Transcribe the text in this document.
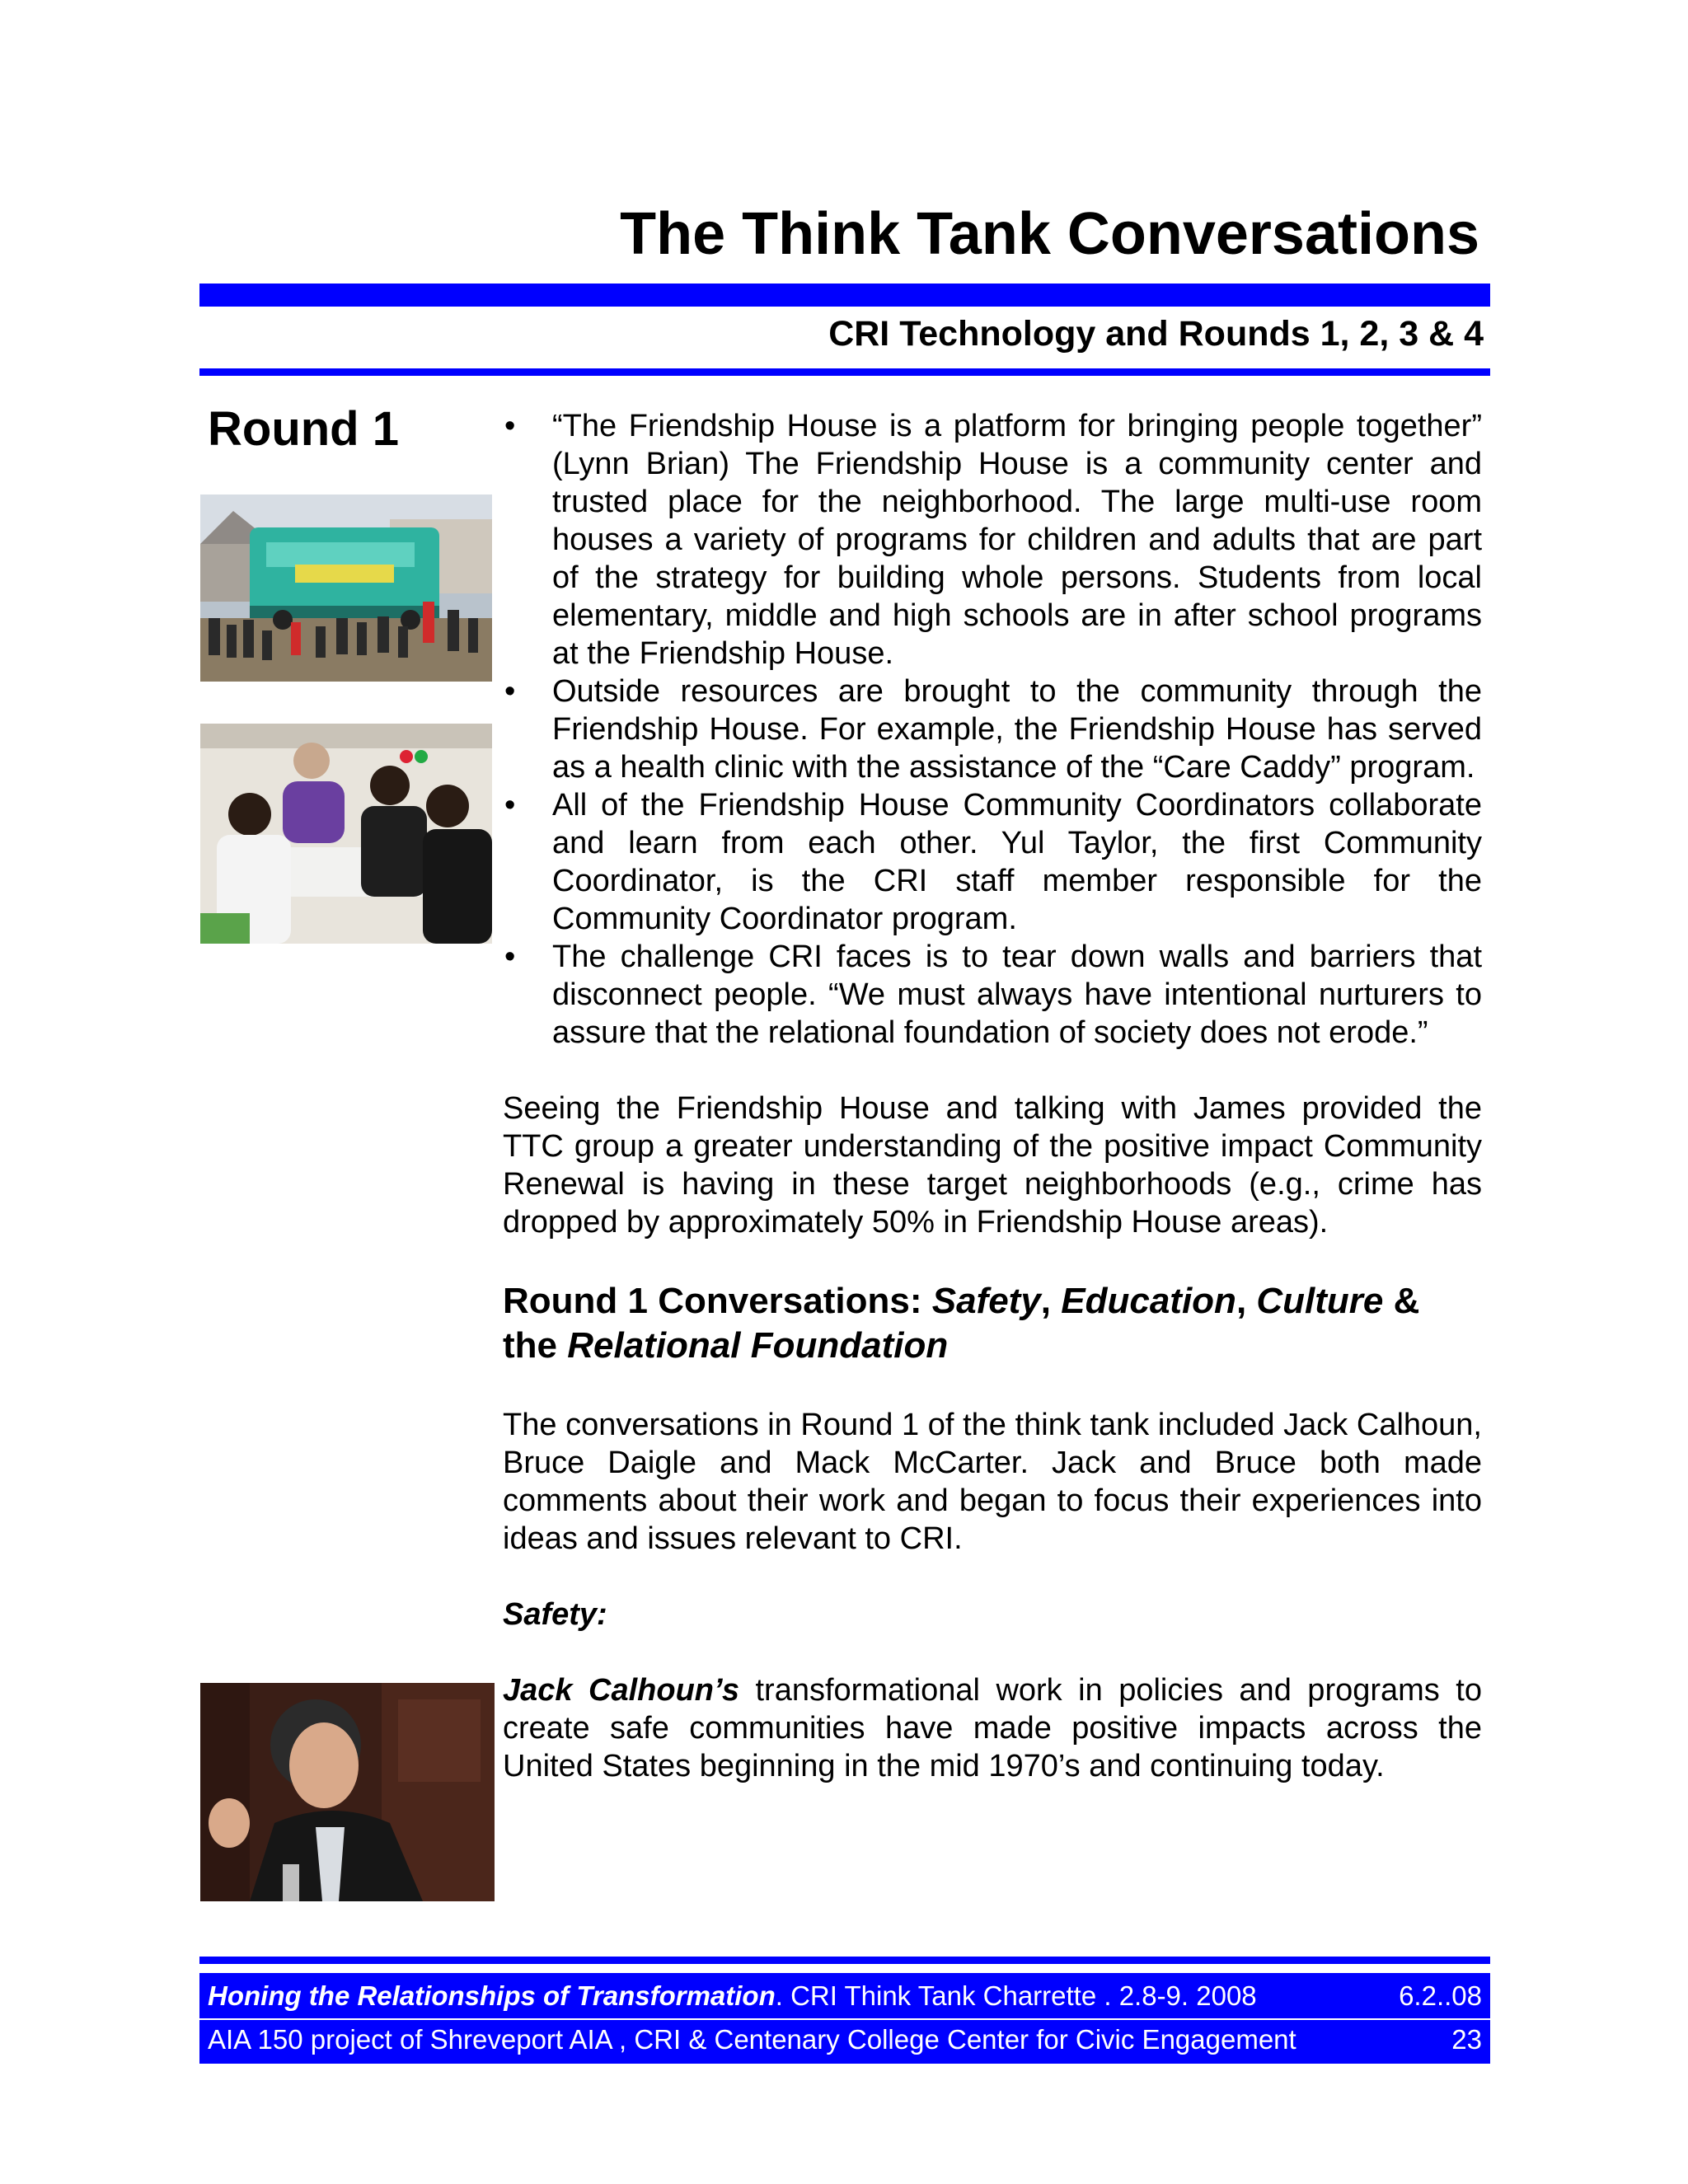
The Think Tank Conversations
CRI Technology and Rounds 1, 2, 3 & 4
Round 1	• “The Friendship House is a platform for bringing people together” (Lynn Brian) The Friendship House is a community center and trusted place for the neighborhood. The large multi-use room houses a variety of programs for children and adults that are part of the strategy for building whole persons. Students from local elementary, middle and high schools are in after school programs at the Friendship House.
• Outside resources are brought to the community through the Friendship House. For example, the Friendship House has served as a health clinic with the assistance of the “Care Caddy” program.
• All of the Friendship House Community Coordinators collaborate and learn from each other. Yul Taylor, the first Community Coordinator, is the CRI staff member responsible for the Community Coordinator program.
• The challenge CRI faces is to tear down walls and barriers that disconnect people. “We must always have intentional nurturers to assure that the relational foundation of society does not erode.”

Seeing the Friendship House and talking with James provided the TTC group a greater understanding of the positive impact Community Renewal is having in these target neighborhoods (e.g., crime has dropped by approximately 50% in Friendship House areas).

Round 1 Conversations: Safety, Education, Culture & the Relational Foundation

The conversations in Round 1 of the think tank included Jack Calhoun, Bruce Daigle and Mack McCarter. Jack and Bruce both made comments about their work and began to focus their experiences into ideas and issues relevant to CRI.

Safety:

Jack Calhoun’s transformational work in policies and programs to create safe communities have made positive impacts across the United States beginning in the mid 1970’s and continuing today.

Honing the Relationships of Transformation. CRI Think Tank Charrette . 2.8-9. 2008	6.2..08
AIA 150 project of Shreveport AIA , CRI & Centenary College Center for Civic Engagement	23
